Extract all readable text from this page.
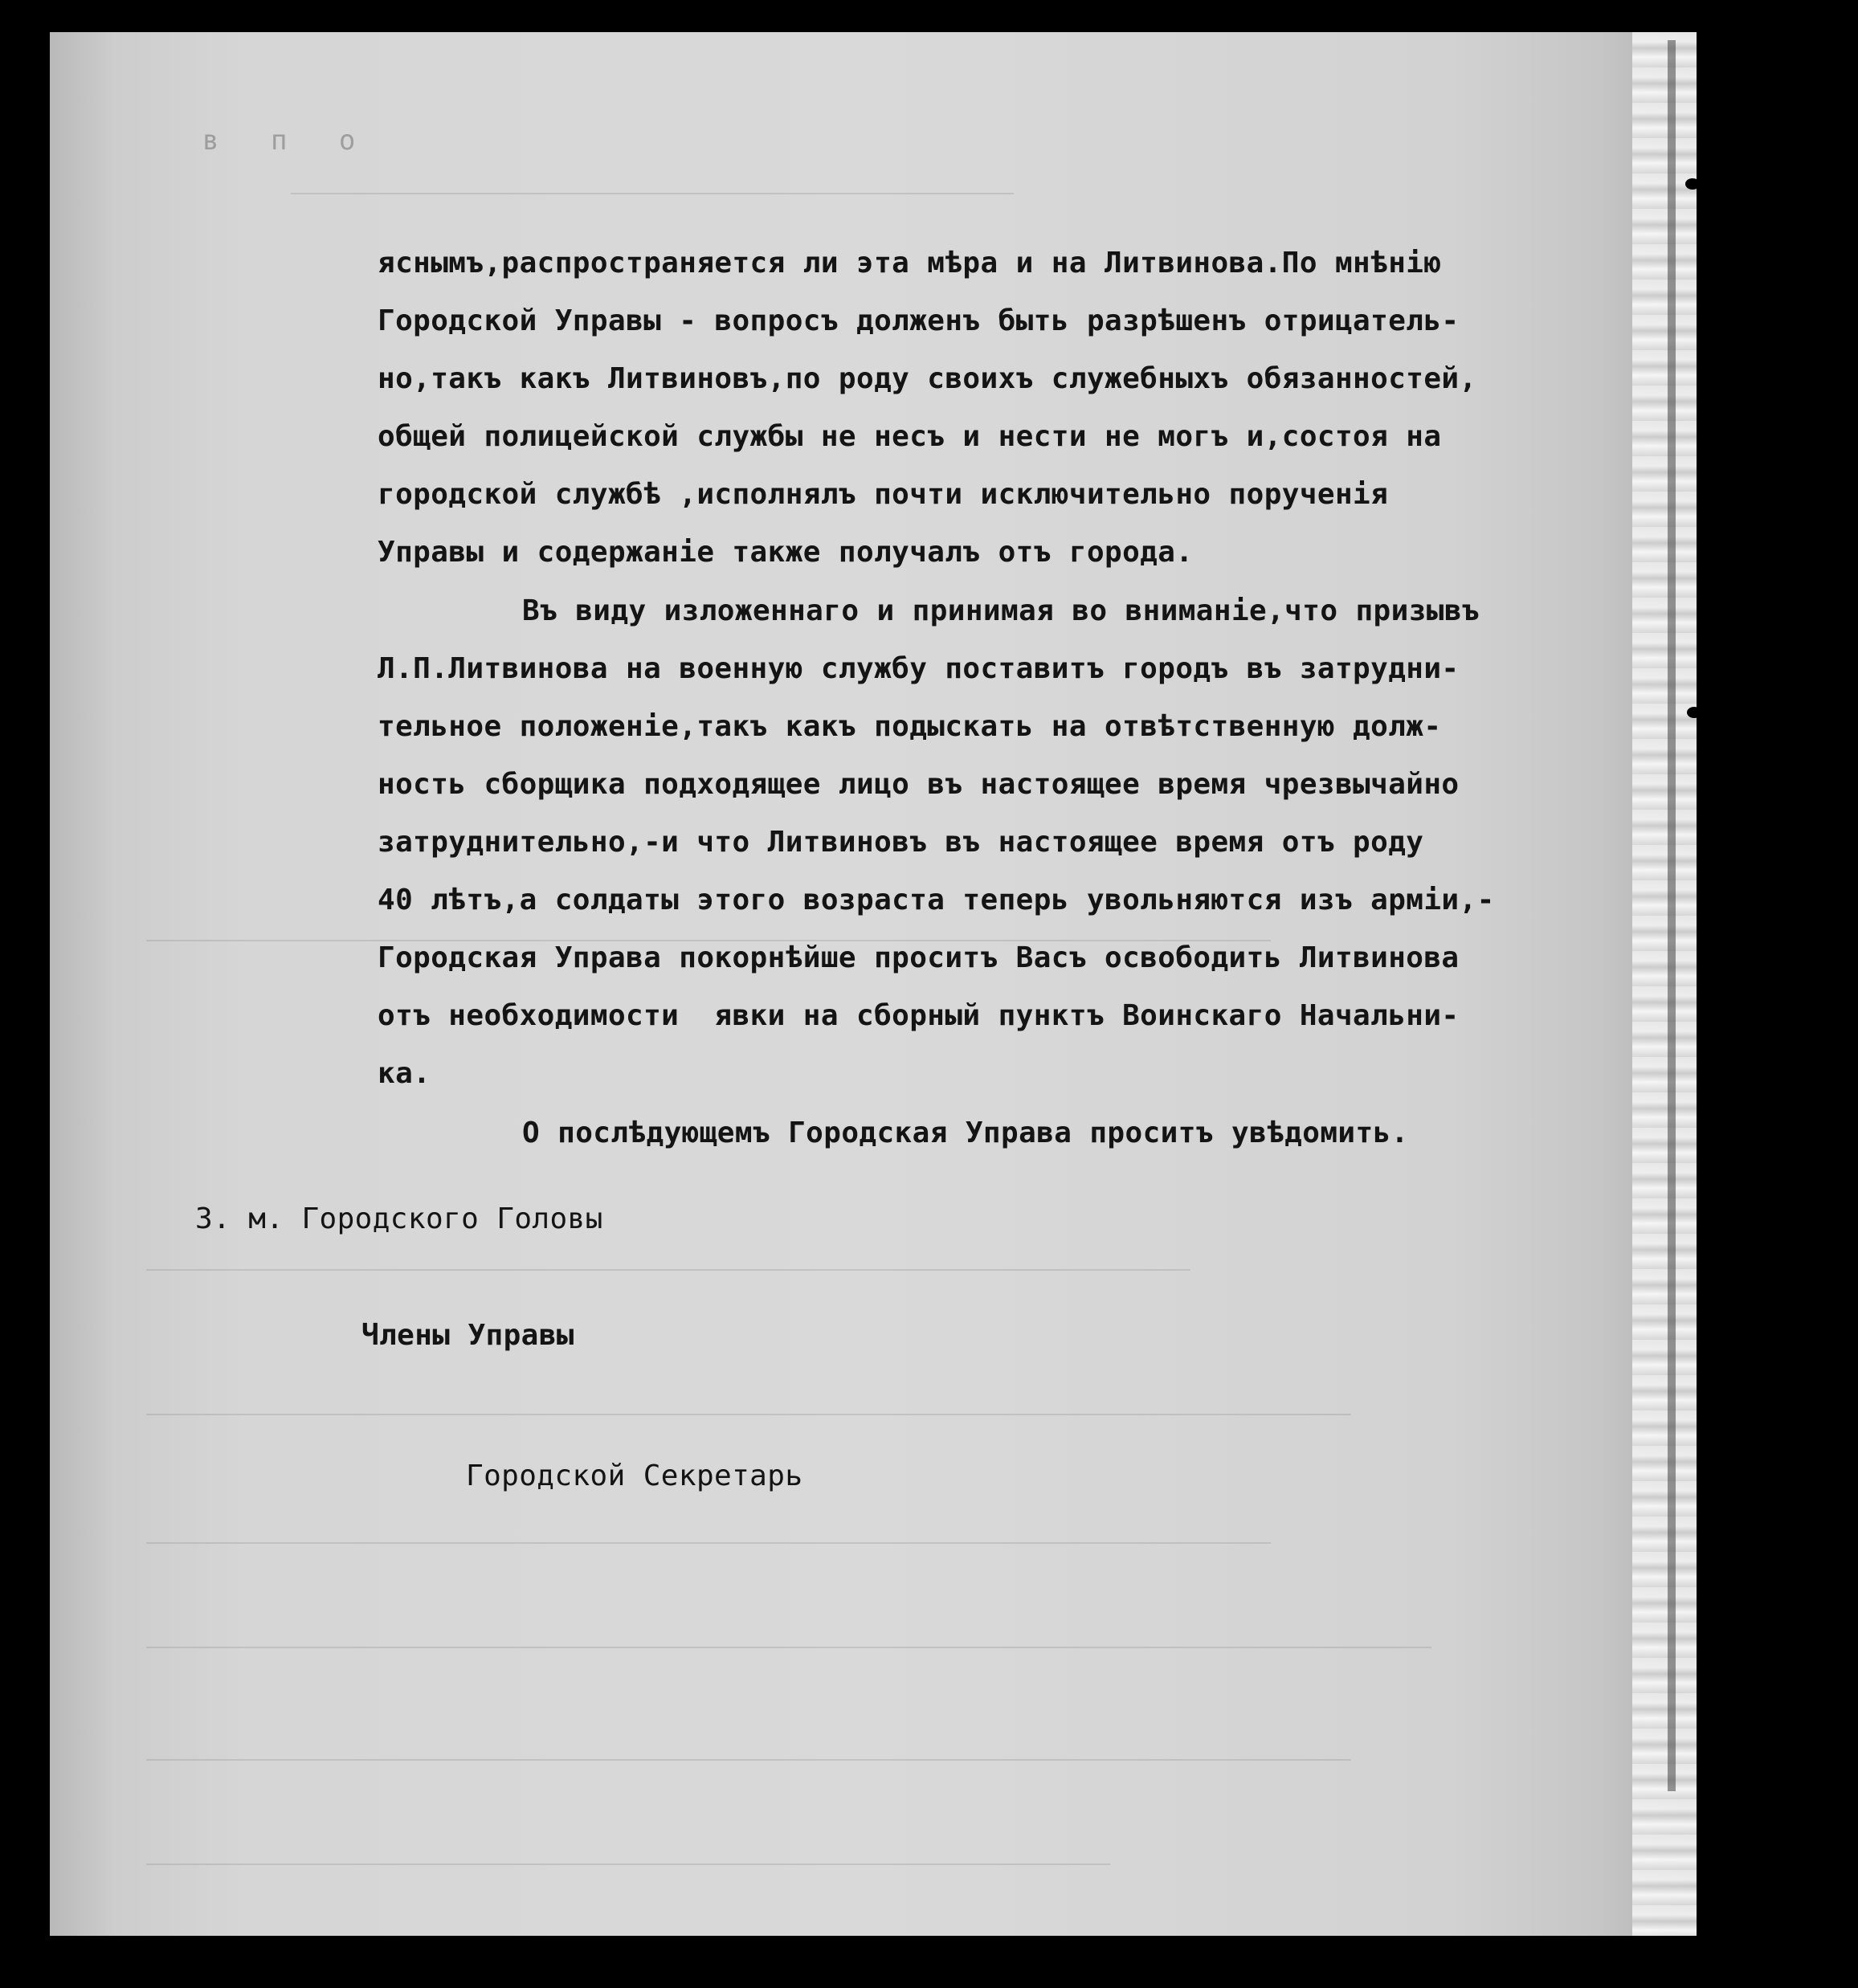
в п о
яснымъ,распространяется ли эта мѣра и на Литвинова.По мнѣнію
Городской Управы - вопросъ долженъ быть разрѣшенъ отрицатель-
но,такъ какъ Литвиновъ,по роду своихъ служебныхъ обязанностей,
общей полицейской службы не несъ и нести не могъ и,состоя на
городской службѣ ,исполнялъ почти исключительно порученія
Управы и содержаніе также получалъ отъ города.
Въ виду изложеннаго и принимая во вниманіе,что призывъ
Л.П.Литвинова на военную службу поставитъ городъ въ затрудни-
тельное положеніе,такъ какъ подыскать на отвѣтственную долж-
ность сборщика подходящее лицо въ настоящее время чрезвычайно
затруднительно,-и что Литвиновъ въ настоящее время отъ роду
40 лѣтъ,а солдаты этого возраста теперь увольняются изъ арміи,-
Городская Управа покорнѣйше проситъ Васъ освободить Литвинова
отъ необходимости  явки на сборный пунктъ Воинскаго Начальни-
ка.
О послѣдующемъ Городская Управа проситъ увѣдомить.
З. м. Городского Головы
Члены Управы
Городской Секретарь
